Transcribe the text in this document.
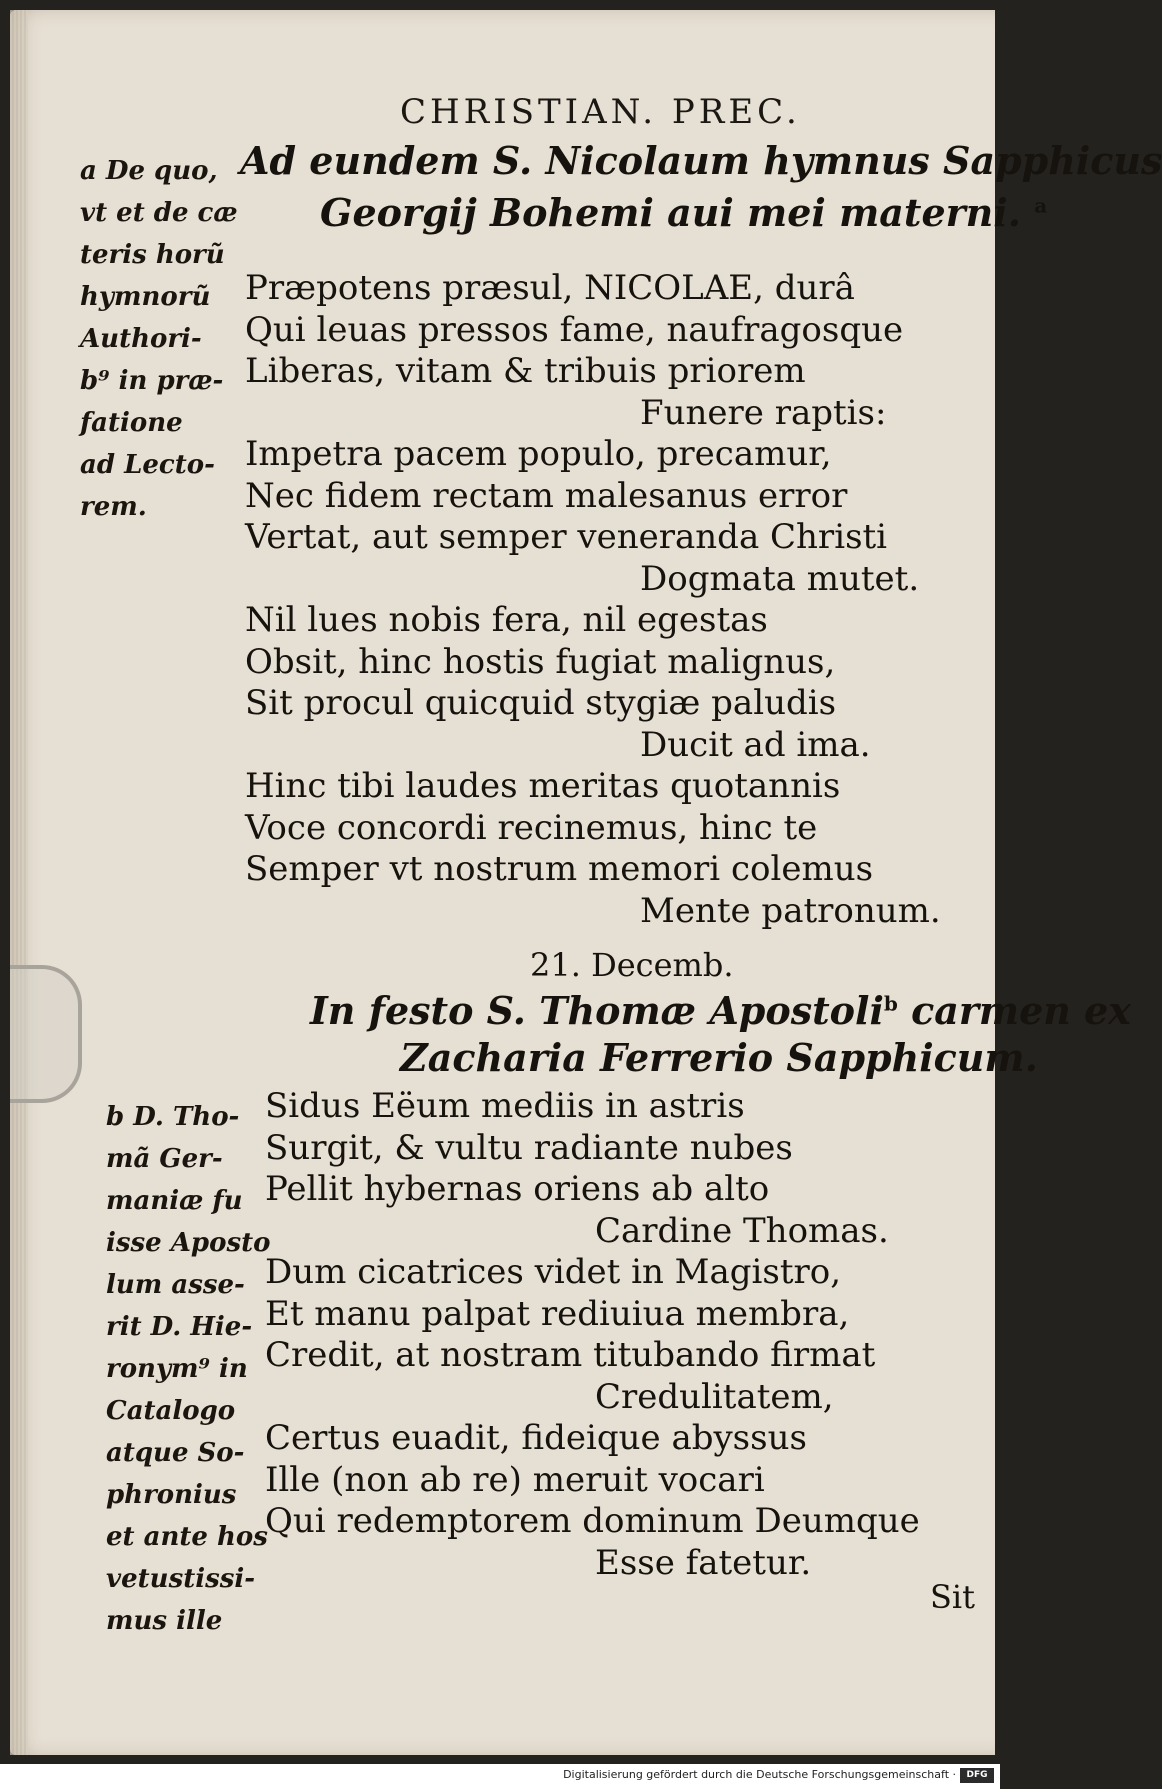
CHRISTIAN. PREC.
Ad eundem S. Nicolaum hymnus Sapphicus
Georgij Bohemi aui mei materni. $^a$
a De quo,
vt et de cæ
teris horũ
hymnorũ
Authori-
b⁹ in præ-
fatione
ad Lecto-
rem.
Præpotens præsul, NICOLAE, durâ
Qui leuas pressos fame, naufragosque
Liberas, vitam & tribuis priorem
Funere raptis:
Impetra pacem populo, precamur,
Nec fidem rectam malesanus error
Vertat, aut semper veneranda Christi
Dogmata mutet.
Nil lues nobis fera, nil egestas
Obsit, hinc hostis fugiat malignus,
Sit procul quicquid stygiæ paludis
Ducit ad ima.
Hinc tibi laudes meritas quotannis
Voce concordi recinemus, hinc te
Semper vt nostrum memori colemus
Mente patronum.
21. Decemb.
In festo S. Thomæ Apostoli$^b$ carmen ex
Zacharia Ferrerio Sapphicum.
b D. Tho-
mã Ger-
maniæ fu
isse Apostо
lum asse-
rit D. Hie-
ronym⁹ in
Catalogo
atque So-
phronius
et ante hos
vetustissi-
mus ille
Sidus Eëum mediis in astris
Surgit, & vultu radiante nubes
Pellit hybernas oriens ab alto
Cardine Thomas.
Dum cicatrices videt in Magistro,
Et manu palpat rediuiua membra,
Credit, at nostram titubando firmat
Credulitatem,
Certus euadit, fideique abyssus
Ille (non ab re) meruit vocari
Qui redemptorem dominum Deumque
Esse fatetur.
Sit
Digitalisierung gefördert durch die Deutsche Forschungsgemeinschaft ·	DFG
